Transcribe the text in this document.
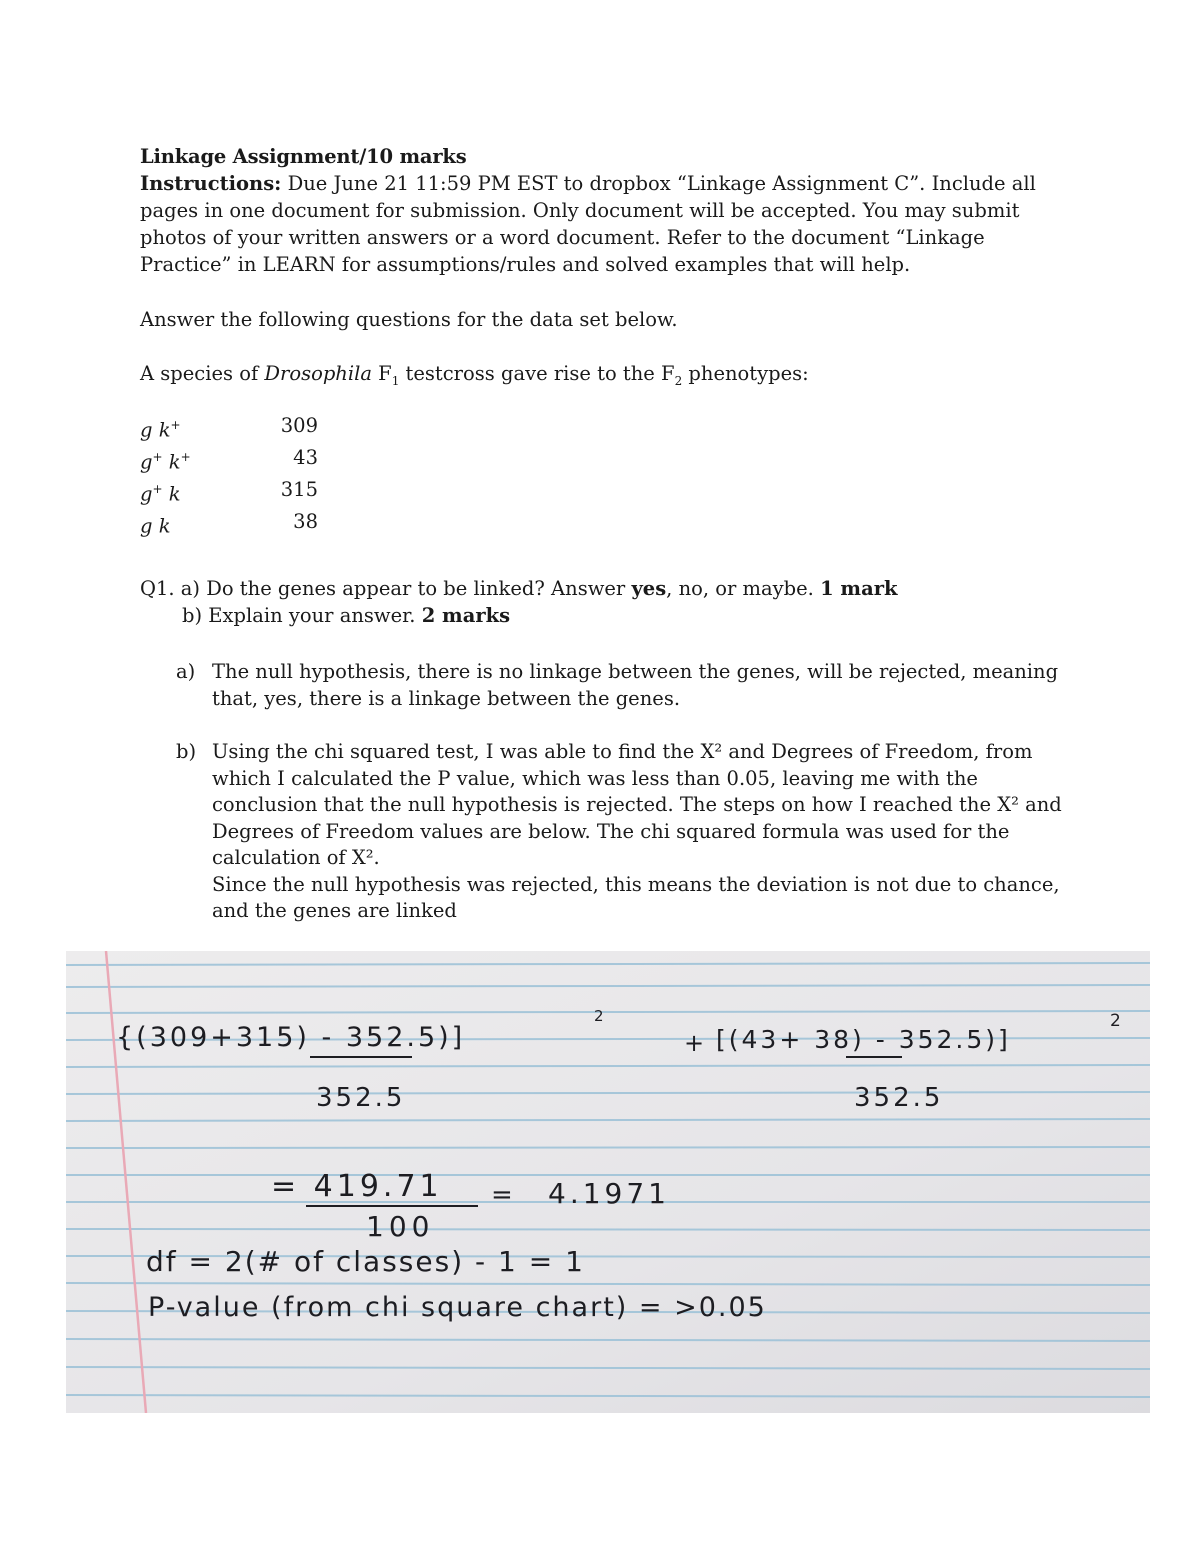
Linkage Assignment/10 marks
Instructions: Due June 21 11:59 PM EST to dropbox “Linkage Assignment C”. Include all pages in one document for submission. Only document will be accepted. You may submit photos of your written answers or a word document. Refer to the document “Linkage Practice” in LEARN for assumptions/rules and solved examples that will help.
Answer the following questions for the data set below.
A species of Drosophila $F_1$ testcross gave rise to the $F_2$ phenotypes:
g k+	309
g+ k+	43
g+ k	315
g k	38
Q1. a) Do the genes appear to be linked? Answer yes, no, or maybe. 1 mark
b) Explain your answer. 2 marks
a) The null hypothesis, there is no linkage between the genes, will be rejected, meaning that, yes, there is a linkage between the genes.
b) Using the chi squared test, I was able to find the X² and Degrees of Freedom, from which I calculated the P value, which was less than 0.05, leaving me with the conclusion that the null hypothesis is rejected. The steps on how I reached the X² and Degrees of Freedom values are below. The chi squared formula was used for the calculation of X².
Since the null hypothesis was rejected, this means the deviation is not due to chance, and the genes are linked
{(309+315) - 352.5)]
2
+ [(43+ 38) - 352.5)]
2
352.5	352.5
= 419.71 = 4.1971
100
df = 2(# of classes) - 1 = 1
P-value (from chi square chart) = >0.05
